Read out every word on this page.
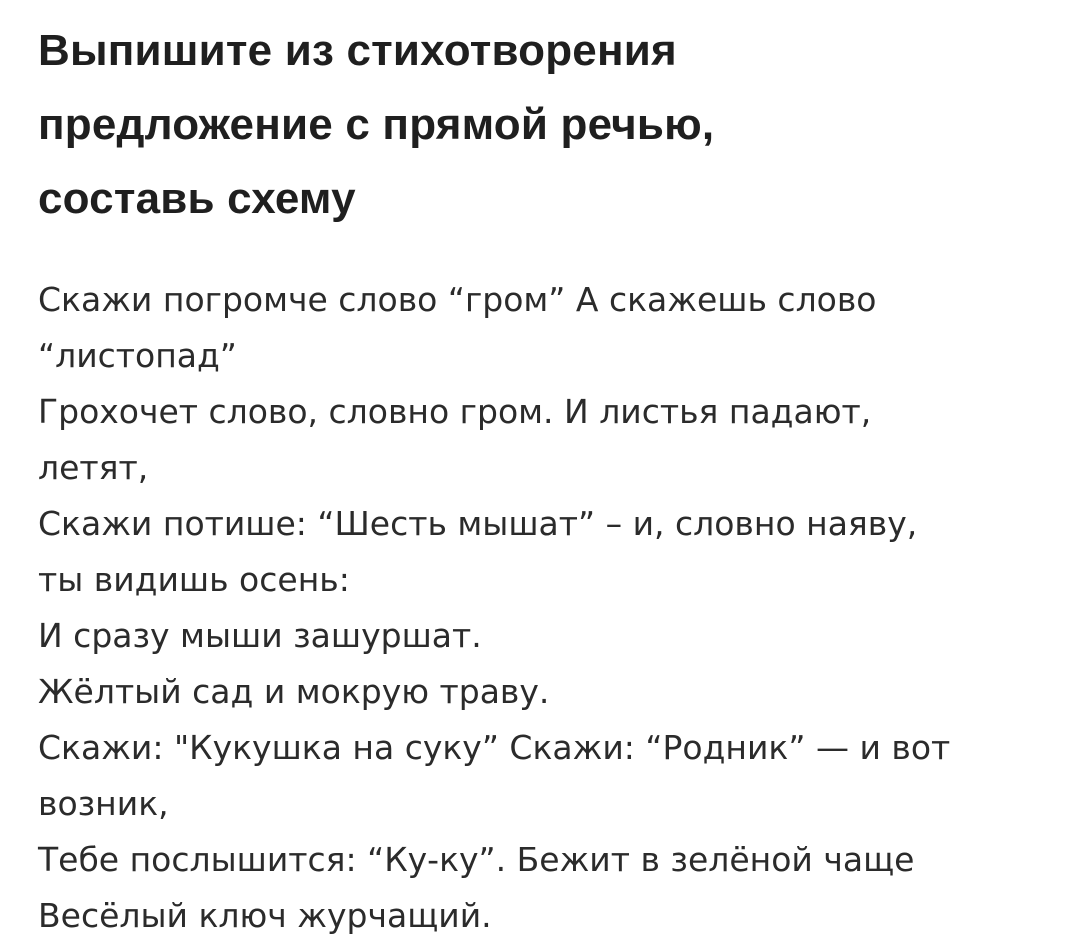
Выпишите из стихотворения
предложение с прямой речью,
составь схему
Скажи погромче слово “гром” А скажешь слово
“листопад”
Грохочет слово, словно гром. И листья падают,
летят,
Скажи потише: “Шесть мышат” – и, словно наяву,
ты видишь осень:
И сразу мыши зашуршат.
Жёлтый сад и мокрую траву.
Скажи: "Кукушка на суку” Скажи: “Родник” — и вот
возник,
Тебе послышится: “Ку-ку”. Бежит в зелёной чаще
Весёлый ключ журчащий.
